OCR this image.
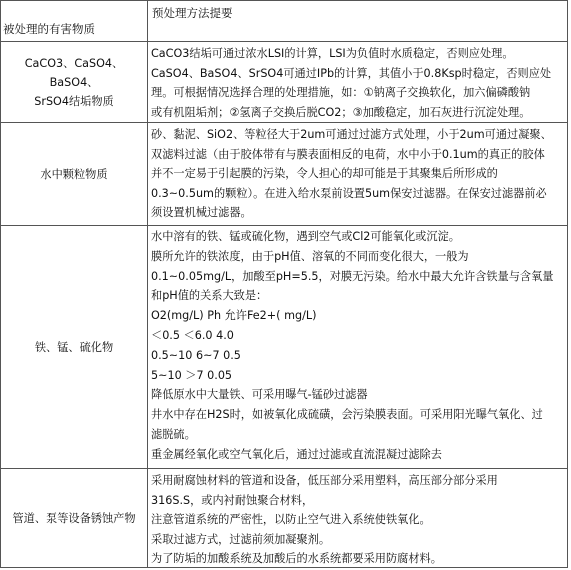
被处理的有害物质
预处理方法提要
CaCO3、CaSO4、BaSO4、
SrSO4结垢物质
CaCO3结垢可通过浓水LSI的计算，LSI为负值时水质稳定，否则应处理。
CaSO4、BaSO4、SrSO4可通过IPb的计算，其值小于0.8Ksp时稳定，否则应处
理。可根据情况选择合理的处理措施，如：①钠离子交换软化，加六偏磷酸钠
或有机阻垢剂；②氢离子交换后脱CO2；③加酸稳定，加石灰进行沉淀处理。
水中颗粒物质
砂、黏泥、SiO2、等粒径大于2um可通过过滤方式处理，小于2um可通过凝聚、
双滤料过滤（由于胶体带有与膜表面相反的电荷，水中小于0.1um的真正的胶体
并不一定易于引起膜的污染，令人担心的却可能是于其聚集后所形成的
0.3~0.5um的颗粒）。在进入给水泵前设置5um保安过滤器。在保安过滤器前必
须设置机械过滤器。
铁、锰、硫化物
水中溶有的铁、锰或硫化物，遇到空气或Cl2可能氧化或沉淀。
膜所允许的铁浓度，由于pH值、溶氧的不同而变化很大，一般为
0.1~0.05mg/L，加酸至pH=5.5，对膜无污染。给水中最大允许含铁量与含氧量
和pH值的关系大致是：
O2(mg/L) Ph 允许Fe2+( mg/L)
＜0.5 ＜6.0 4.0
0.5~10 6~7 0.5
5~10 ＞7 0.05
降低原水中大量铁、可采用曝气-锰砂过滤器
井水中存在H2S时，如被氧化成硫磺，会污染膜表面。可采用阳光曝气氧化、过
滤脱硫。
重金属经氧化或空气氧化后，通过过滤或直流混凝过滤除去
管道、泵等设备锈蚀产物
采用耐腐蚀材料的管道和设备，低压部分采用塑料，高压部分部分采用
316S.S，或内衬耐蚀聚合材料，
注意管道系统的严密性，以防止空气进入系统使铁氧化。
采取过滤方式，过滤前须加凝聚剂。
为了防垢的加酸系统及加酸后的水系统都要采用防腐材料。
